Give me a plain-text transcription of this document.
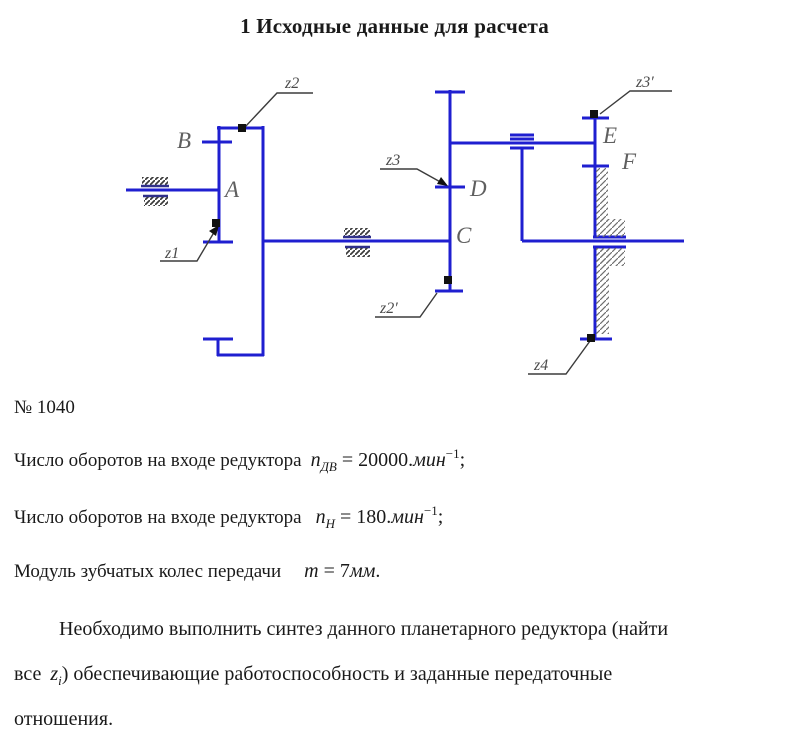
1 Исходные данные для расчета
z2
z1
z3
z2′
z3′
z4
B
A
C
D
E
F
№ 1040
Число оборотов на входе редуктора $n_{ДВ} = 20000.мин^{-1}$;
Число оборотов на входе редуктора $n_Н = 180.мин^{-1}$;
Модуль зубчатых колес передачи m = 7мм.
Необходимо выполнить синтез данного планетарного редуктора (найти
все $z_i$) обеспечивающие работоспособность и заданные передаточные
отношения.
